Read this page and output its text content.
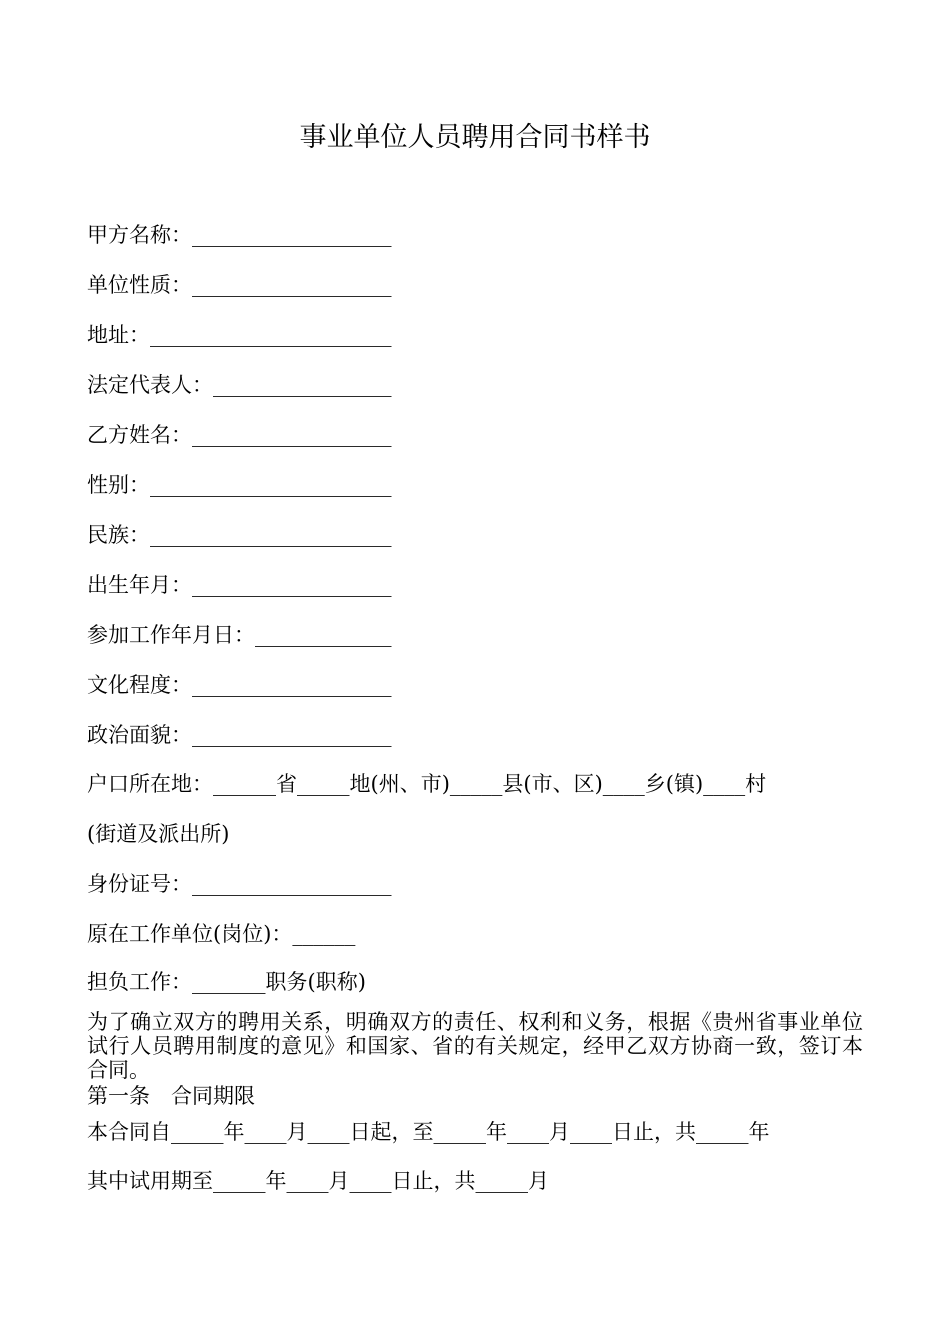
事业单位人员聘用合同书样书
甲方名称：___________________
单位性质：___________________
地址：_______________________
法定代表人：_________________
乙方姓名：___________________
性别：_______________________
民族：_______________________
出生年月：___________________
参加工作年月日：_____________
文化程度：___________________
政治面貌：___________________
户口所在地：______省_____地(州、市)_____县(市、区)____乡(镇)____村
(街道及派出所)
身份证号：___________________
原在工作单位(岗位)：______
担负工作：_______职务(职称)
为了确立双方的聘用关系，明确双方的责任、权利和义务，根据《贵州省事业单位试行人员聘用制度的意见》和国家、省的有关规定，经甲乙双方协商一致，签订本合同。
第一条　合同期限
本合同自_____年____月____日起，至_____年____月____日止，共_____年
其中试用期至_____年____月____日止，共_____月
